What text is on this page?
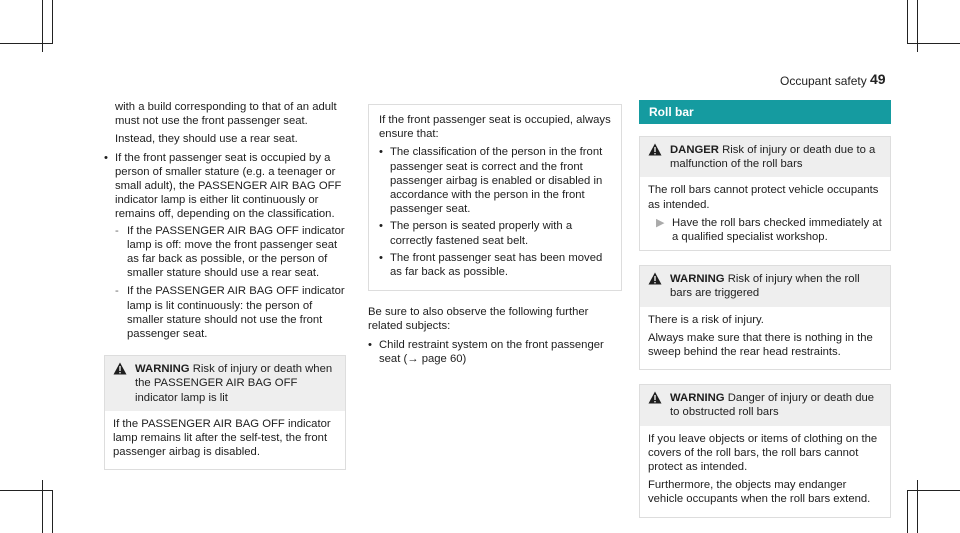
Occupant safety 49

with a build corresponding to that of an adult must not use the front passenger seat.

Instead, they should use a rear seat.

• If the front passenger seat is occupied by a person of smaller stature (e.g. a teenager or small adult), the PASSENGER AIR BAG OFF indicator lamp is either lit continuously or remains off, depending on the classification.
- If the PASSENGER AIR BAG OFF indicator lamp is off: move the front passenger seat as far back as possible, or the person of smaller stature should use a rear seat.
- If the PASSENGER AIR BAG OFF indicator lamp is lit continuously: the person of smaller stature should not use the front passenger seat.
WARNING Risk of injury or death when the PASSENGER AIR BAG OFF indicator lamp is lit

If the PASSENGER AIR BAG OFF indicator lamp remains lit after the self-test, the front passenger airbag is disabled.

If the front passenger seat is occupied, always ensure that:

• The classification of the person in the front passenger seat is correct and the front passenger airbag is enabled or disabled in accordance with the person in the front passenger seat.
• The person is seated properly with a correctly fastened seat belt.
• The front passenger seat has been moved as far back as possible.

Be sure to also observe the following further related subjects:

• Child restraint system on the front passenger seat (→ page 60)
Roll bar
DANGER Risk of injury or death due to a malfunction of the roll bars

The roll bars cannot protect vehicle occupants as intended.

▶ Have the roll bars checked immediately at a qualified specialist workshop.
WARNING Risk of injury when the roll bars are triggered

There is a risk of injury.

Always make sure that there is nothing in the sweep behind the rear head restraints.

WARNING Danger of injury or death due to obstructed roll bars

If you leave objects or items of clothing on the covers of the roll bars, the roll bars cannot protect as intended.

Furthermore, the objects may endanger vehicle occupants when the roll bars extend.
